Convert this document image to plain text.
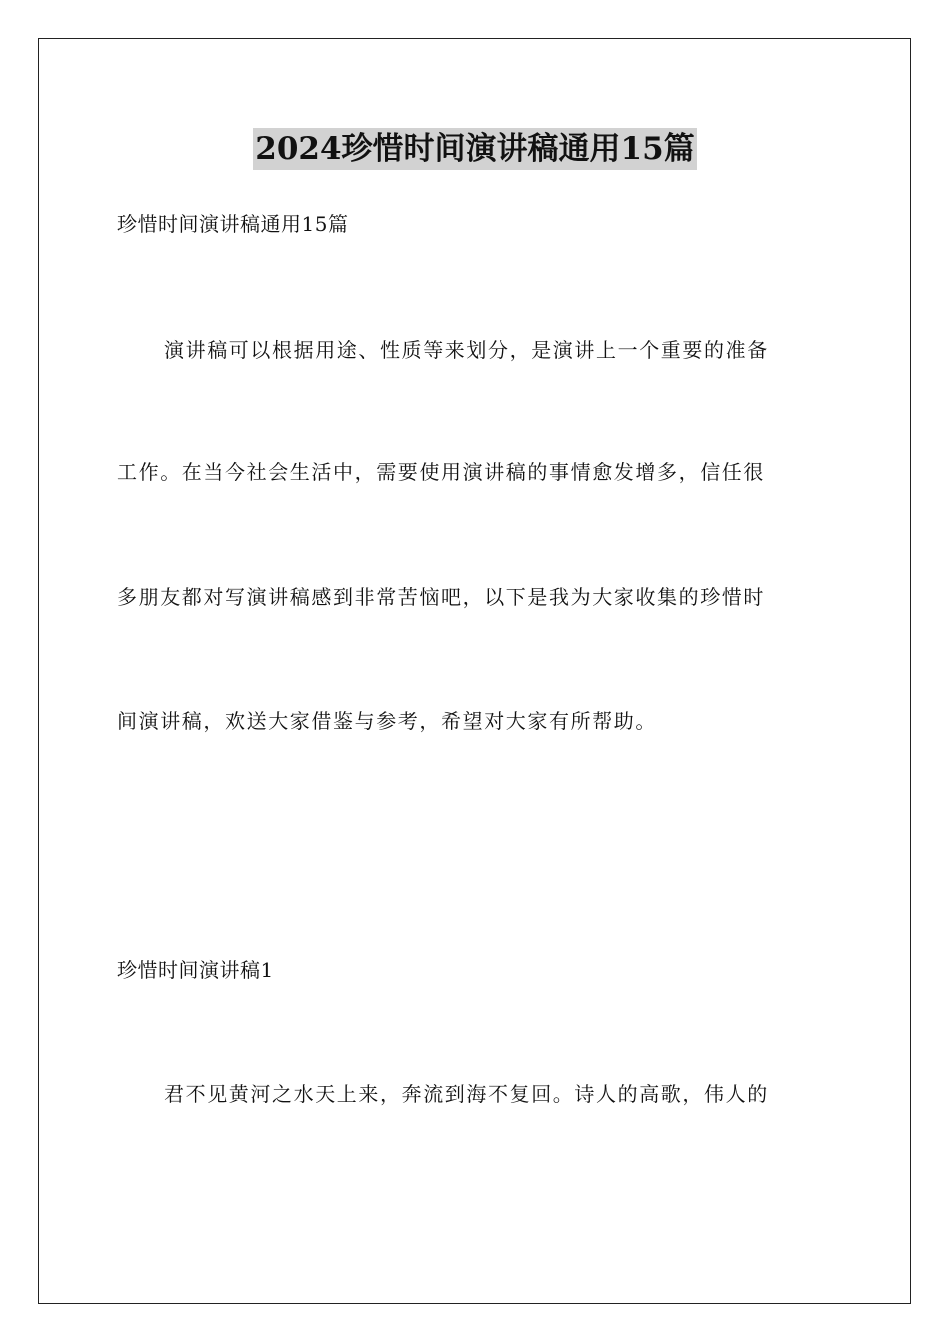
2024珍惜时间演讲稿通用15篇
珍惜时间演讲稿通用15篇
演讲稿可以根据用途、性质等来划分，是演讲上一个重要的准备
工作。在当今社会生活中，需要使用演讲稿的事情愈发增多，信任很
多朋友都对写演讲稿感到非常苦恼吧，以下是我为大家收集的珍惜时
间演讲稿，欢送大家借鉴与参考，希望对大家有所帮助。
珍惜时间演讲稿1
君不见黄河之水天上来，奔流到海不复回。诗人的高歌，伟人的
